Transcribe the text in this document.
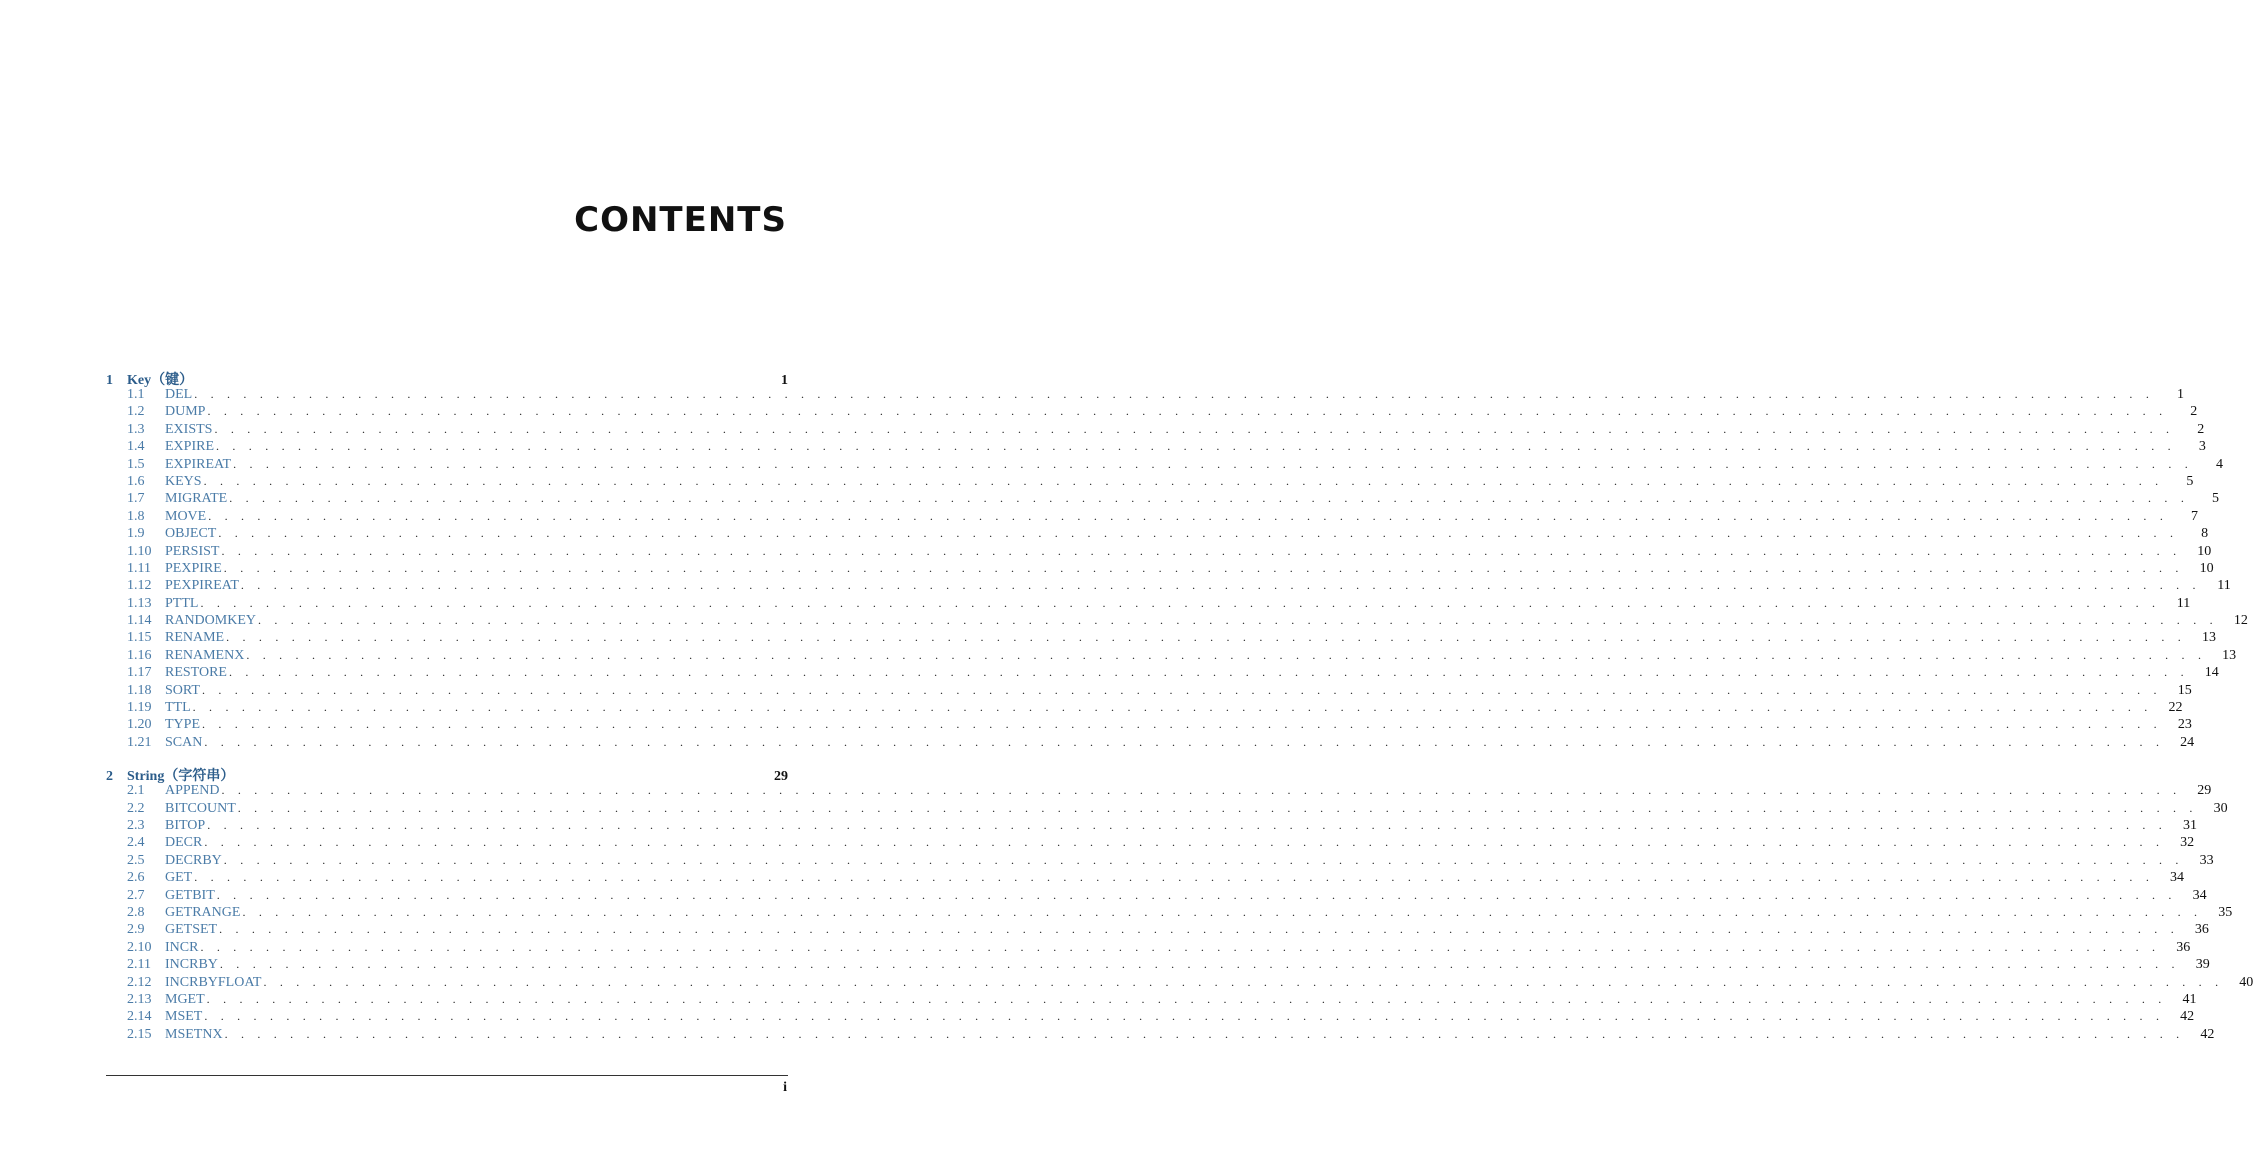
CONTENTS
1	Key（键）	1
1.1	DEL . . . . . . . . . . . . . . . . . . . . . . . . . . . . . . . . . . . . . . . . . . . . . . . . . . . . . . . . . . . . . . . . . . . . . . . . . . . . . . . . . . . . . . . . . . . . . . . . . . . . . . . . . . . . . . . . . . . . . . . .	1
1.2	DUMP . . . . . . . . . . . . . . . . . . . . . . . . . . . . . . . . . . . . . . . . . . . . . . . . . . . . . . . . . . . . . . . . . . . . . . . . . . . . . . . . . . . . . . . . . . . . . . . . . . . . . . . . . . . . . . . . . . . . . . . .	2
1.3	EXISTS . . . . . . . . . . . . . . . . . . . . . . . . . . . . . . . . . . . . . . . . . . . . . . . . . . . . . . . . . . . . . . . . . . . . . . . . . . . . . . . . . . . . . . . . . . . . . . . . . . . . . . . . . . . . . . . . . . . . . . . .	2
1.4	EXPIRE . . . . . . . . . . . . . . . . . . . . . . . . . . . . . . . . . . . . . . . . . . . . . . . . . . . . . . . . . . . . . . . . . . . . . . . . . . . . . . . . . . . . . . . . . . . . . . . . . . . . . . . . . . . . . . . . . . . . . . . .	3
1.5	EXPIREAT . . . . . . . . . . . . . . . . . . . . . . . . . . . . . . . . . . . . . . . . . . . . . . . . . . . . . . . . . . . . . . . . . . . . . . . . . . . . . . . . . . . . . . . . . . . . . . . . . . . . . . . . . . . . . . . . . . . . . . . .	4
1.6	KEYS . . . . . . . . . . . . . . . . . . . . . . . . . . . . . . . . . . . . . . . . . . . . . . . . . . . . . . . . . . . . . . . . . . . . . . . . . . . . . . . . . . . . . . . . . . . . . . . . . . . . . . . . . . . . . . . . . . . . . . . .	5
1.7	MIGRATE . . . . . . . . . . . . . . . . . . . . . . . . . . . . . . . . . . . . . . . . . . . . . . . . . . . . . . . . . . . . . . . . . . . . . . . . . . . . . . . . . . . . . . . . . . . . . . . . . . . . . . . . . . . . . . . . . . . . . . . .	5
1.8	MOVE . . . . . . . . . . . . . . . . . . . . . . . . . . . . . . . . . . . . . . . . . . . . . . . . . . . . . . . . . . . . . . . . . . . . . . . . . . . . . . . . . . . . . . . . . . . . . . . . . . . . . . . . . . . . . . . . . . . . . . . .	7
1.9	OBJECT . . . . . . . . . . . . . . . . . . . . . . . . . . . . . . . . . . . . . . . . . . . . . . . . . . . . . . . . . . . . . . . . . . . . . . . . . . . . . . . . . . . . . . . . . . . . . . . . . . . . . . . . . . . . . . . . . . . . . . . .	8
1.10 PERSIST . . . . . . . . . . . . . . . . . . . . . . . . . . . . . . . . . . . . . . . . . . . . . . . . . . . . . . . . . . . . . . . . . . . . . . . . . . . . . . . . . . . . . . . . . . . . . . . . . . . . . . . . . . . . . . . . . . . . . . . .	10
1.11	PEXPIRE . . . . . . . . . . . . . . . . . . . . . . . . . . . . . . . . . . . . . . . . . . . . . . . . . . . . . . . . . . . . . . . . . . . . . . . . . . . . . . . . . . . . . . . . . . . . . . . . . . . . . . . . . . . . . . . . . . . . . . . .	10
1.12 PEXPIREAT . . . . . . . . . . . . . . . . . . . . . . . . . . . . . . . . . . . . . . . . . . . . . . . . . . . . . . . . . . . . . . . . . . . . . . . . . . . . . . . . . . . . . . . . . . . . . . . . . . . . . . . . . . . . . . . . . . . . . . . .	11
1.13 PTTL . . . . . . . . . . . . . . . . . . . . . . . . . . . . . . . . . . . . . . . . . . . . . . . . . . . . . . . . . . . . . . . . . . . . . . . . . . . . . . . . . . . . . . . . . . . . . . . . . . . . . . . . . . . . . . . . . . . . . . . .	11
1.14 RANDOMKEY . . . . . . . . . . . . . . . . . . . . . . . . . . . . . . . . . . . . . . . . . . . . . . . . . . . . . . . . . . . . . . . . . . . . . . . . . . . . . . . . . . . . . . . . . . . . . . . . . . . . . . . . . . . . . . . . . . . . . . . .	12
1.15 RENAME . . . . . . . . . . . . . . . . . . . . . . . . . . . . . . . . . . . . . . . . . . . . . . . . . . . . . . . . . . . . . . . . . . . . . . . . . . . . . . . . . . . . . . . . . . . . . . . . . . . . . . . . . . . . . . . . . . . . . . . .	13
1.16 RENAMENX . . . . . . . . . . . . . . . . . . . . . . . . . . . . . . . . . . . . . . . . . . . . . . . . . . . . . . . . . . . . . . . . . . . . . . . . . . . . . . . . . . . . . . . . . . . . . . . . . . . . . . . . . . . . . . . . . . . . . . . .	13
1.17 RESTORE . . . . . . . . . . . . . . . . . . . . . . . . . . . . . . . . . . . . . . . . . . . . . . . . . . . . . . . . . . . . . . . . . . . . . . . . . . . . . . . . . . . . . . . . . . . . . . . . . . . . . . . . . . . . . . . . . . . . . . . .	14
1.18 SORT . . . . . . . . . . . . . . . . . . . . . . . . . . . . . . . . . . . . . . . . . . . . . . . . . . . . . . . . . . . . . . . . . . . . . . . . . . . . . . . . . . . . . . . . . . . . . . . . . . . . . . . . . . . . . . . . . . . . . . . .	15
1.19 TTL . . . . . . . . . . . . . . . . . . . . . . . . . . . . . . . . . . . . . . . . . . . . . . . . . . . . . . . . . . . . . . . . . . . . . . . . . . . . . . . . . . . . . . . . . . . . . . . . . . . . . . . . . . . . . . . . . . . . . . . .	22
1.20 TYPE . . . . . . . . . . . . . . . . . . . . . . . . . . . . . . . . . . . . . . . . . . . . . . . . . . . . . . . . . . . . . . . . . . . . . . . . . . . . . . . . . . . . . . . . . . . . . . . . . . . . . . . . . . . . . . . . . . . . . . . .	23
1.21 SCAN . . . . . . . . . . . . . . . . . . . . . . . . . . . . . . . . . . . . . . . . . . . . . . . . . . . . . . . . . . . . . . . . . . . . . . . . . . . . . . . . . . . . . . . . . . . . . . . . . . . . . . . . . . . . . . . . . . . . . . . .	24
2	String（字符串）	29
2.1	APPEND . . . . . . . . . . . . . . . . . . . . . . . . . . . . . . . . . . . . . . . . . . . . . . . . . . . . . . . . . . . . . . . . . . . . . . . . . . . . . . . . . . . . . . . . . . . . . . . . . . . . . . . . . . . . . . . . . . . . . . . .	29
2.2	BITCOUNT . . . . . . . . . . . . . . . . . . . . . . . . . . . . . . . . . . . . . . . . . . . . . . . . . . . . . . . . . . . . . . . . . . . . . . . . . . . . . . . . . . . . . . . . . . . . . . . . . . . . . . . . . . . . . . . . . . . . . . . .	30
2.3	BITOP . . . . . . . . . . . . . . . . . . . . . . . . . . . . . . . . . . . . . . . . . . . . . . . . . . . . . . . . . . . . . . . . . . . . . . . . . . . . . . . . . . . . . . . . . . . . . . . . . . . . . . . . . . . . . . . . . . . . . . . .	31
2.4	DECR . . . . . . . . . . . . . . . . . . . . . . . . . . . . . . . . . . . . . . . . . . . . . . . . . . . . . . . . . . . . . . . . . . . . . . . . . . . . . . . . . . . . . . . . . . . . . . . . . . . . . . . . . . . . . . . . . . . . . . . .	32
2.5	DECRBY . . . . . . . . . . . . . . . . . . . . . . . . . . . . . . . . . . . . . . . . . . . . . . . . . . . . . . . . . . . . . . . . . . . . . . . . . . . . . . . . . . . . . . . . . . . . . . . . . . . . . . . . . . . . . . . . . . . . . . . .	33
2.6	GET . . . . . . . . . . . . . . . . . . . . . . . . . . . . . . . . . . . . . . . . . . . . . . . . . . . . . . . . . . . . . . . . . . . . . . . . . . . . . . . . . . . . . . . . . . . . . . . . . . . . . . . . . . . . . . . . . . . . . . . .	34
2.7	GETBIT . . . . . . . . . . . . . . . . . . . . . . . . . . . . . . . . . . . . . . . . . . . . . . . . . . . . . . . . . . . . . . . . . . . . . . . . . . . . . . . . . . . . . . . . . . . . . . . . . . . . . . . . . . . . . . . . . . . . . . . .	34
2.8	GETRANGE . . . . . . . . . . . . . . . . . . . . . . . . . . . . . . . . . . . . . . . . . . . . . . . . . . . . . . . . . . . . . . . . . . . . . . . . . . . . . . . . . . . . . . . . . . . . . . . . . . . . . . . . . . . . . . . . . . . . . . . .	35
2.9	GETSET . . . . . . . . . . . . . . . . . . . . . . . . . . . . . . . . . . . . . . . . . . . . . . . . . . . . . . . . . . . . . . . . . . . . . . . . . . . . . . . . . . . . . . . . . . . . . . . . . . . . . . . . . . . . . . . . . . . . . . . .	36
2.10 INCR . . . . . . . . . . . . . . . . . . . . . . . . . . . . . . . . . . . . . . . . . . . . . . . . . . . . . . . . . . . . . . . . . . . . . . . . . . . . . . . . . . . . . . . . . . . . . . . . . . . . . . . . . . . . . . . . . . . . . . . .	36
2.11	INCRBY . . . . . . . . . . . . . . . . . . . . . . . . . . . . . . . . . . . . . . . . . . . . . . . . . . . . . . . . . . . . . . . . . . . . . . . . . . . . . . . . . . . . . . . . . . . . . . . . . . . . . . . . . . . . . . . . . . . . . . . .	39
2.12 INCRBYFLOAT . . . . . . . . . . . . . . . . . . . . . . . . . . . . . . . . . . . . . . . . . . . . . . . . . . . . . . . . . . . . . . . . . . . . . . . . . . . . . . . . . . . . . . . . . . . . . . . . . . . . . . . . . . . . . . . . . . . . . . . .	40
2.13 MGET . . . . . . . . . . . . . . . . . . . . . . . . . . . . . . . . . . . . . . . . . . . . . . . . . . . . . . . . . . . . . . . . . . . . . . . . . . . . . . . . . . . . . . . . . . . . . . . . . . . . . . . . . . . . . . . . . . . . . . . .	41
2.14 MSET . . . . . . . . . . . . . . . . . . . . . . . . . . . . . . . . . . . . . . . . . . . . . . . . . . . . . . . . . . . . . . . . . . . . . . . . . . . . . . . . . . . . . . . . . . . . . . . . . . . . . . . . . . . . . . . . . . . . . . . .	42
2.15 MSETNX . . . . . . . . . . . . . . . . . . . . . . . . . . . . . . . . . . . . . . . . . . . . . . . . . . . . . . . . . . . . . . . . . . . . . . . . . . . . . . . . . . . . . . . . . . . . . . . . . . . . . . . . . . . . . . . . . . . . . . . .	42
i
